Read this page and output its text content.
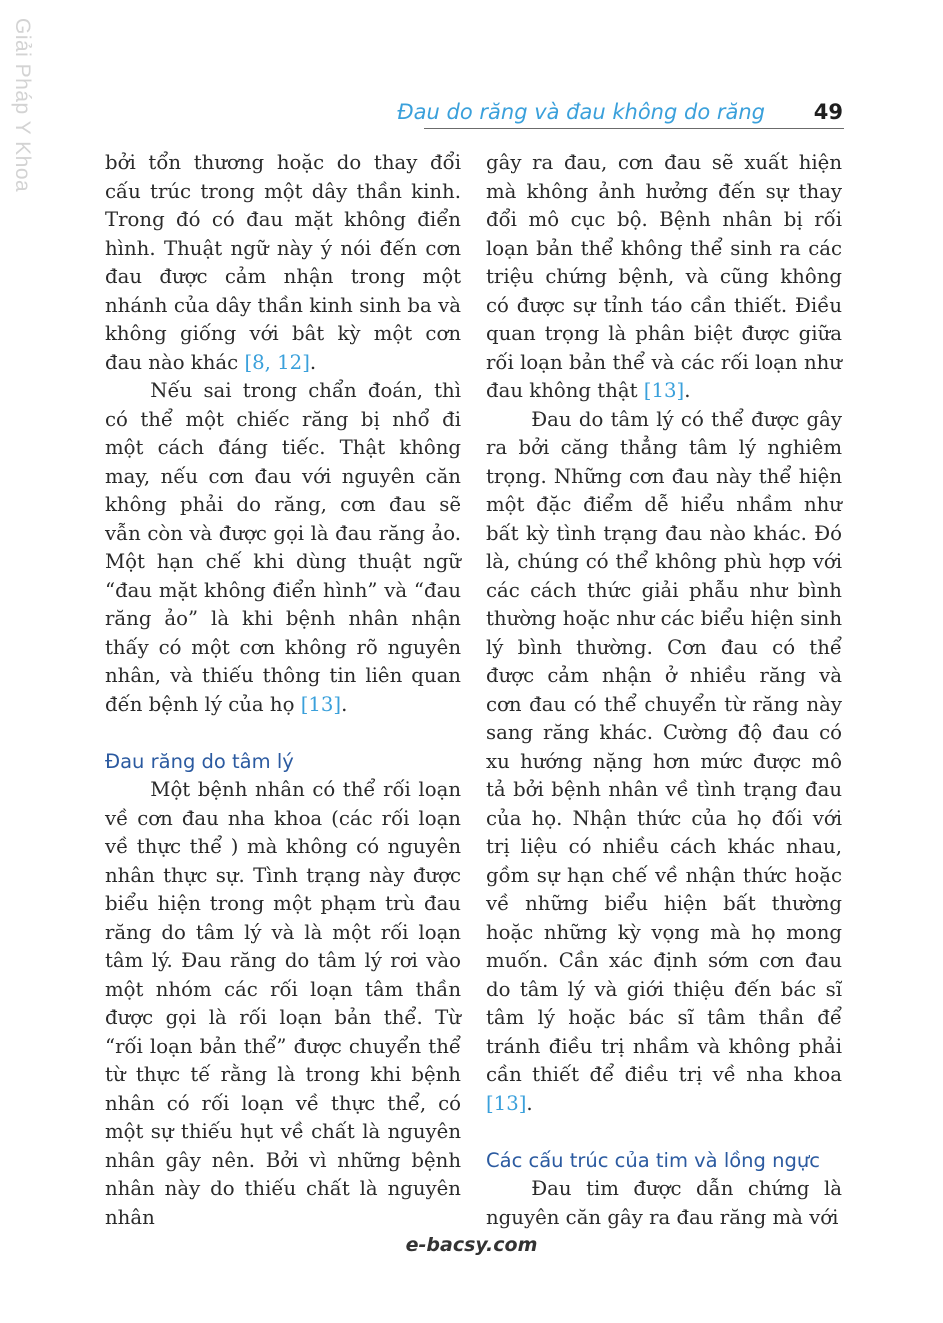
Giải Pháp Y Khoa	Đau do răng và đau không do răng 49

bởi tổn thương hoặc do thay đổi cấu trúc trong một dây thần kinh. Trong đó có đau mặt không điển hình. Thuật ngữ này ý nói đến cơn đau được cảm nhận trong một nhánh của dây thần kinh sinh ba và không giống với bât kỳ một cơn đau nào khác [8, 12].

Nếu sai trong chẩn đoán, thì có thể một chiếc răng bị nhổ đi một cách đáng tiếc. Thật không may, nếu cơn đau với nguyên căn không phải do răng, cơn đau sẽ vẫn còn và được gọi là đau răng ảo. Một hạn chế khi dùng thuật ngữ “đau mặt không điển hình” và “đau răng ảo” là khi bệnh nhân nhận thấy có một cơn không rõ nguyên nhân, và thiếu thông tin liên quan đến bệnh lý của họ [13].

Đau răng do tâm lý

Một bệnh nhân có thể rối loạn về cơn đau nha khoa (các rối loạn về thực thể ) mà không có nguyên nhân thực sự. Tình trạng này được biểu hiện trong một phạm trù đau răng do tâm lý và là một rối loạn tâm lý. Đau răng do tâm lý rơi vào một nhóm các rối loạn tâm thần được gọi là rối loạn bản thể. Từ “rối loạn bản thể” được chuyển thể từ thực tế rằng là trong khi bệnh nhân có rối loạn về thực thể, có một sự thiếu hụt về chất là nguyên nhân gây nên. Bởi vì những bệnh nhân này do thiếu chất là nguyên nhân

gây ra đau, cơn đau sẽ xuất hiện mà không ảnh hưởng đến sự thay đổi mô cục bộ. Bệnh nhân bị rối loạn bản thể không thể sinh ra các triệu chứng bệnh, và cũng không có được sự tỉnh táo cần thiết. Điều quan trọng là phân biệt được giữa rối loạn bản thể và các rối loạn như đau không thật [13].

Đau do tâm lý có thể được gây ra bởi căng thẳng tâm lý nghiêm trọng. Những cơn đau này thể hiện một đặc điểm dễ hiểu nhầm như bất kỳ tình trạng đau nào khác. Đó là, chúng có thể không phù hợp với các cách thức giải phẫu như bình thường hoặc như các biểu hiện sinh lý bình thường. Cơn đau có thể được cảm nhận ở nhiều răng và cơn đau có thể chuyển từ răng này sang răng khác. Cường độ đau có xu hướng nặng hơn mức được mô tả bởi bệnh nhân về tình trạng đau của họ. Nhận thức của họ đối với trị liệu có nhiều cách khác nhau, gồm sự hạn chế về nhận thức hoặc về những biểu hiện bất thường hoặc những kỳ vọng mà họ mong muốn. Cần xác định sớm cơn đau do tâm lý và giới thiệu đến bác sĩ tâm lý hoặc bác sĩ tâm thần để tránh điều trị nhầm và không phải cần thiết để điều trị về nha khoa [13].

Các cấu trúc của tim và lồng ngực

Đau tim được dẫn chứng là nguyên căn gây ra đau răng mà với

e-bacsy.com
